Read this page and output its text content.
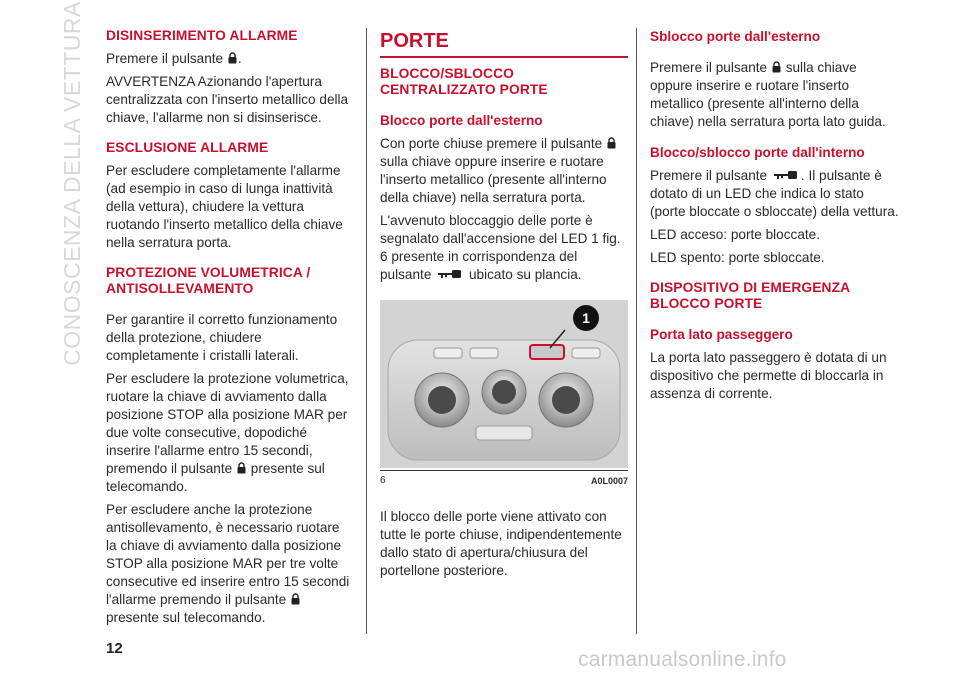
CONOSCENZA DELLA VETTURA DISINSERIMENTO ALLARME

Premere il pulsante .

AVVERTENZA Azionando l'apertura centralizzata con l'inserto metallico della chiave, l'allarme non si disinserisce.

ESCLUSIONE ALLARME

Per escludere completamente l'allarme (ad esempio in caso di lunga inattività della vettura), chiudere la vettura ruotando l'inserto metallico della chiave nella serratura porta.

PROTEZIONE VOLUMETRICA / ANTISOLLEVAMENTO

Per garantire il corretto funzionamento della protezione, chiudere completamente i cristalli laterali.

Per escludere la protezione volumetrica, ruotare la chiave di avviamento dalla posizione STOP alla posizione MAR per due volte consecutive, dopodiché inserire l'allarme entro 15 secondi, premendo il pulsante presente sul telecomando.

Per escludere anche la protezione antisollevamento, è necessario ruotare la chiave di avviamento dalla posizione STOP alla posizione MAR per tre volte consecutive ed inserire entro 15 secondi l'allarme premendo il pulsante  presente sul telecomando.

PORTE
BLOCCO/SBLOCCO CENTRALIZZATO PORTE
Blocco porte dall'esterno

Con porte chiuse premere il pulsante  sulla chiave oppure inserire e ruotare l'inserto metallico (presente all'interno della chiave) nella serratura porta.

L'avvenuto bloccaggio delle porte è segnalato dall'accensione del LED 1 fig. 6 presente in corrispondenza del pulsante	ubicato su plancia.

1
6	A0L0007

Il blocco delle porte viene attivato con tutte le porte chiuse, indipendentemente dallo stato di apertura/chiusura del portellone posteriore.

Sblocco porte dall'esterno

Premere il pulsante sulla chiave oppure inserire e ruotare l'inserto metallico (presente all'interno della chiave) nella serratura porta lato guida.

Blocco/sblocco porte dall'interno

Premere il pulsante . Il pulsante è dotato di un LED che indica lo stato (porte bloccate o sbloccate) della vettura.

LED acceso: porte bloccate.

LED spento: porte sbloccate.

DISPOSITIVO DI EMERGENZA BLOCCO PORTE
Porta lato passeggero

La porta lato passeggero è dotata di un dispositivo che permette di bloccarla in assenza di corrente.

12	carmanualsonline.info
